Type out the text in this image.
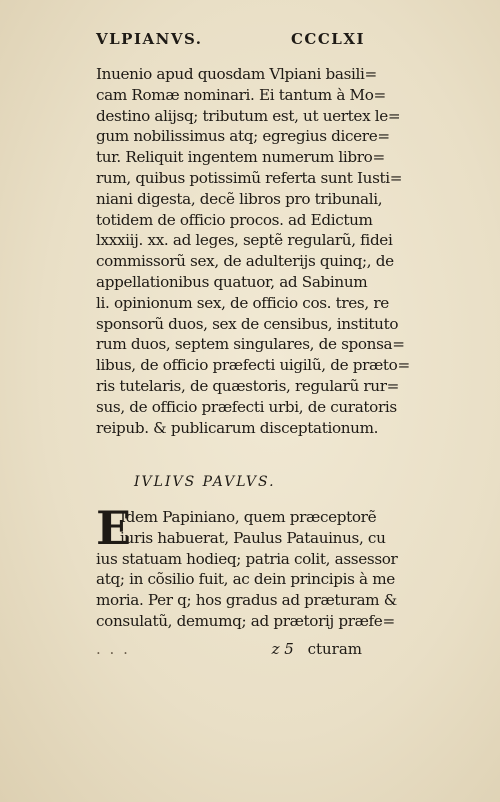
VLPIANVS.	CCCLXI
Inuenio apud quosdam Vlpiani basili=
cam Romæ nominari. Ei tantum à Mo=
destino alijsq; tributum est, ut uertex le=
gum nobilissimus atq; egregius dicere=
tur. Reliquit ingentem numerum libro=
rum, quibus potissimũ referta sunt Iusti=
niani digesta, decẽ libros pro tribunali,
totidem de officio procos. ad Edictum
lxxxiij. xx. ad leges, septẽ regularũ, fidei
commissorũ sex, de adulterijs quinq;, de
appellationibus quatuor, ad Sabinum
li. opinionum sex, de officio cos. tres, re
sponsorũ duos, sex de censibus, instituto
rum duos, septem singulares, de sponsa=
libus, de officio præfecti uigilũ, de prætо=
ris tutelaris, de quæstoris, regularũ rur=
sus, de officio præfecti urbi, de curatoris
reipub. & publicarum disceptationum.
IVLIVS PAVLVS.
E
Idem Papiniano, quem præceptorẽ
iuris habuerat, Paulus Patauinus, cu
ius statuam hodieq; patria colit, assessor
atq; in cõsilio fuit, ac dein principis à me
moria. Per q; hos gradus ad præturam &
consulatũ, demumq; ad prætorij præfe=
. . .	z 5 cturam
